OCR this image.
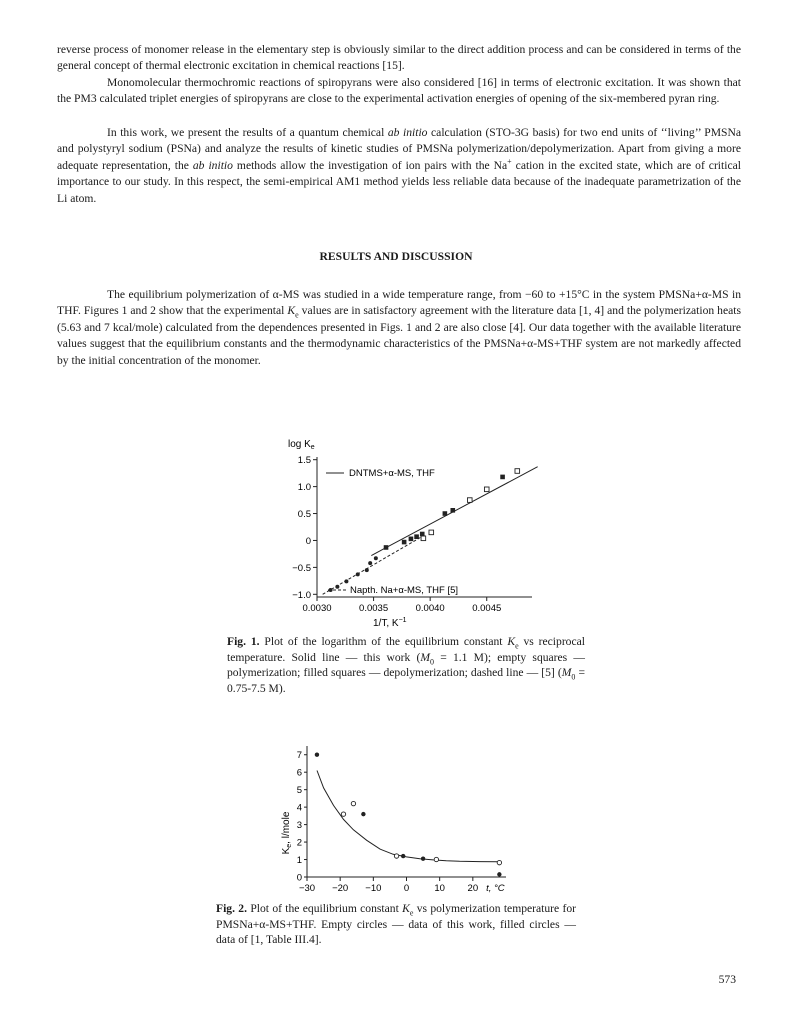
reverse process of monomer release in the elementary step is obviously similar to the direct addition process and can be considered in terms of the general concept of thermal electronic excitation in chemical reactions [15].

Monomolecular thermochromic reactions of spiropyrans were also considered [16] in terms of electronic excitation. It was shown that the PM3 calculated triplet energies of spiropyrans are close to the experimental activation energies of opening of the six-membered pyran ring.

In this work, we present the results of a quantum chemical ab initio calculation (STO-3G basis) for two end units of ‘‘living’’ PMSNa and polystyryl sodium (PSNa) and analyze the results of kinetic studies of PMSNa polymerization/depolymerization. Apart from giving a more adequate representation, the ab initio methods allow the investigation of ion pairs with the Na+ cation in the excited state, which are of critical importance to our study. In this respect, the semi-empirical AM1 method yields less reliable data because of the inadequate parametrization of the Li atom.

RESULTS AND DISCUSSION

The equilibrium polymerization of α-MS was studied in a wide temperature range, from −60 to +15°C in the system PMSNa+α-MS in THF. Figures 1 and 2 show that the experimental $K_e$ values are in satisfactory agreement with the literature data [1, 4] and the polymerization heats (5.63 and 7 kcal/mole) calculated from the dependences presented in Figs. 1 and 2 are also close [4]. Our data together with the available literature values suggest that the equilibrium constants and the thermodynamic characteristics of the PMSNa+α-MS+THF system are not markedly affected by the initial concentration of the monomer.

1.5
1.0
0.5
0
−0.5
−1.0
0.0030	0.0035	0.0040	0.0045
$\log K_e$
1/T, $K^{-1}$
DNTMS+α-MS, THF
Napth. Na+α-MS, THF [5]

Fig. 1. Plot of the logarithm of the equilibrium constant $K_e$ vs reciprocal temperature. Solid line — this work ($M_0 = 1.1$ M); empty squares — polymerization; filled squares — depolymerization; dashed line — [5] ($M_0 = 0.75-7.5$ M).

0
1
2
3
4
5
6
7
−30 −20 −10 0	10 20 t, °C
$K_e$, l/mole

Fig. 2. Plot of the equilibrium constant $K_e$ vs polymerization temperature for PMSNa+α-MS+THF. Empty circles — data of this work, filled circles — data of [1, Table III.4].

573
